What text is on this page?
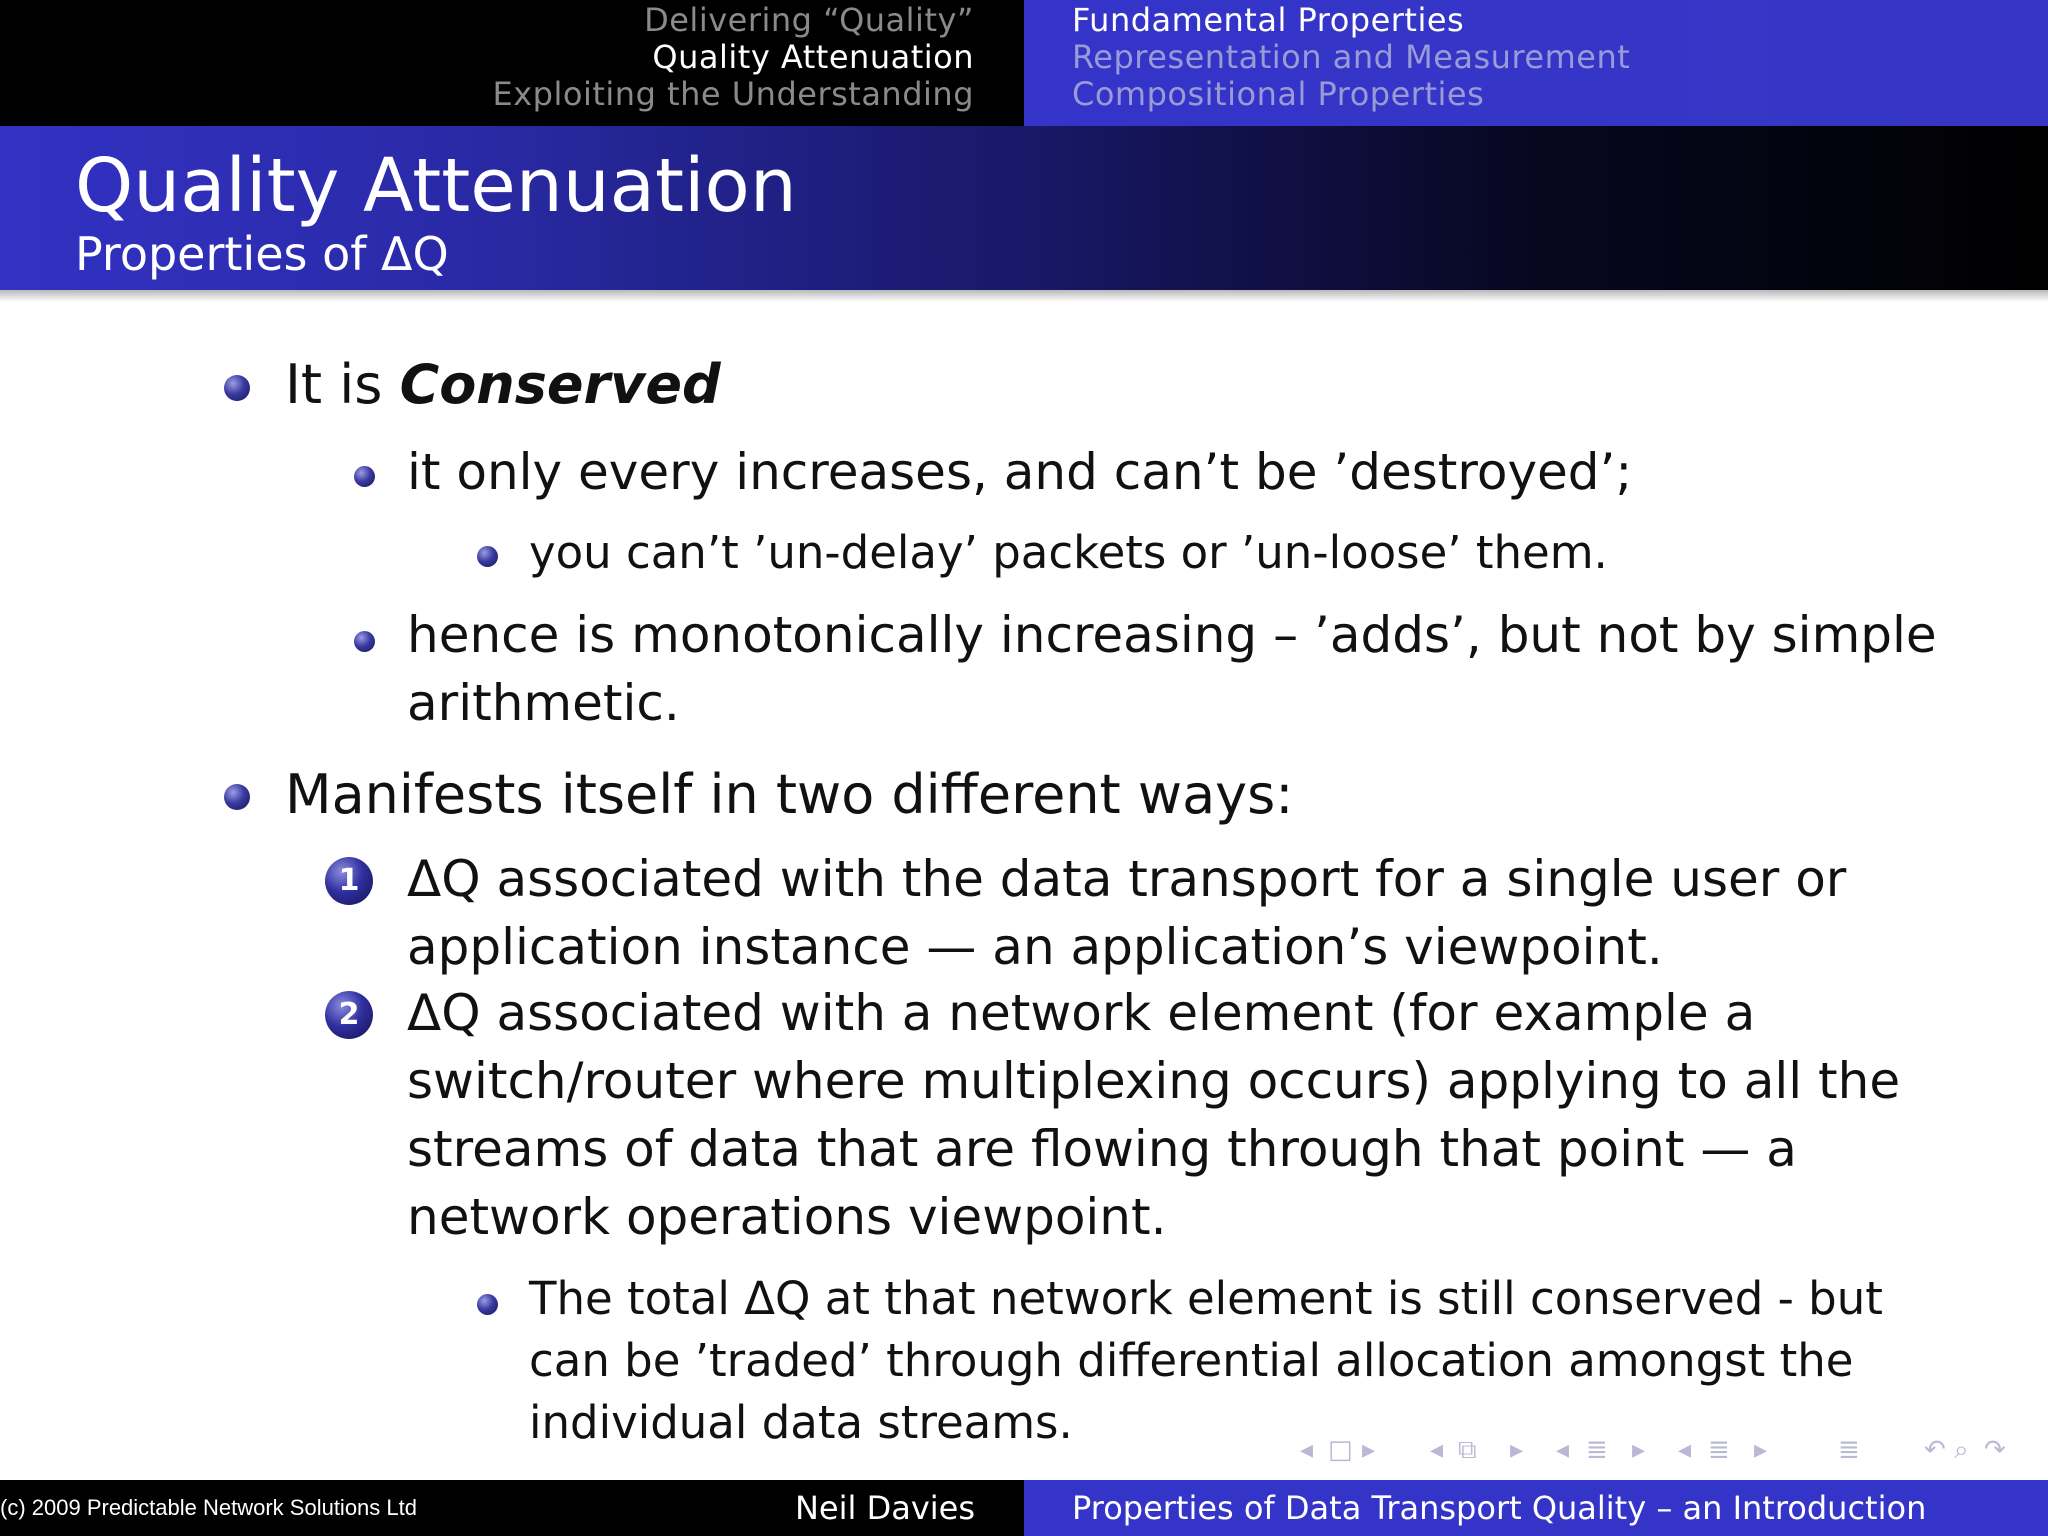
Delivering “Quality”
Quality Attenuation
Exploiting the Understanding
Fundamental Properties
Representation and Measurement
Compositional Properties
Quality Attenuation
Properties of ΔQ
It is Conserved
it only every increases, and can’t be ’destroyed’;
you can’t ’un-delay’ packets or ’un-loose’ them.
hence is monotonically increasing – ’adds’, but not by simple
arithmetic.
Manifests itself in two different ways:
1 ΔQ associated with the data transport for a single user or
application instance — an application’s viewpoint.
2 ΔQ associated with a network element (for example a
switch/router where multiplexing occurs) applying to all the
streams of data that are flowing through that point — a
network operations viewpoint.
The total ΔQ at that network element is still conserved - but
can be ’traded’ through differential allocation amongst the
individual data streams.
◂ □ ▸ ◂ ⧉ ▸ ◂ ≣ ▸ ◂ ≣ ▸	≣ ↶ ⌕ ↷
(c) 2009 Predictable Network Solutions Ltd	Neil Davies	Properties of Data Transport Quality – an Introduction
